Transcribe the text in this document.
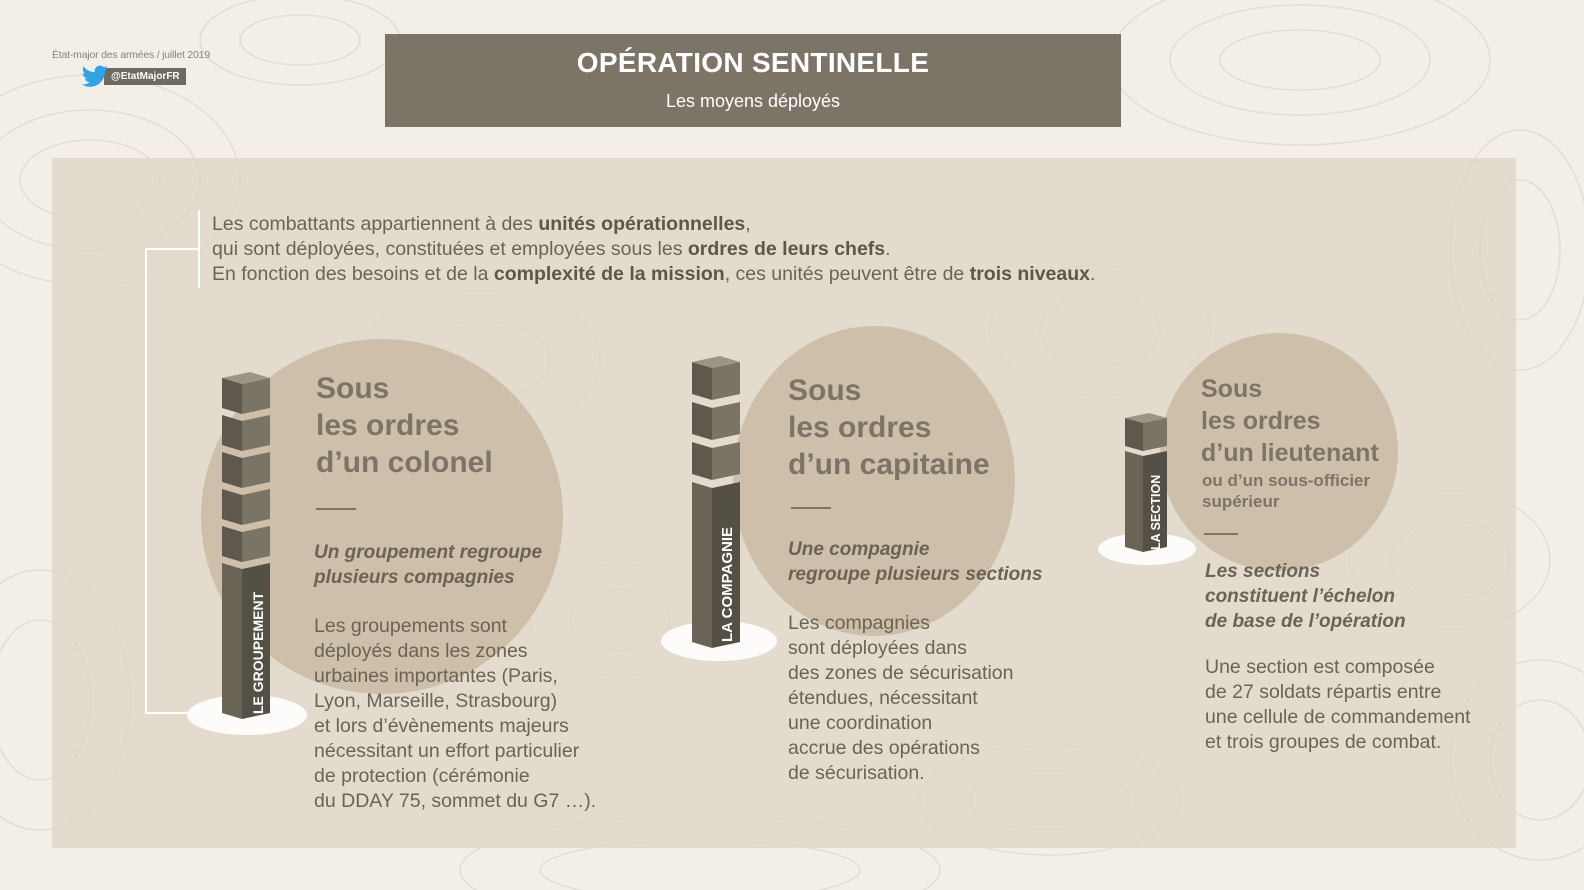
État-major des armées / juillet 2019
@EtatMajorFR	OPÉRATION SENTINELLE
Les moyens déployés
Les combattants appartiennent à des unités opérationnelles,
qui sont déployées, constituées et employées sous les ordres de leurs chefs.
En fonction des besoins et de la complexité de la mission, ces unités peuvent être de trois niveaux.
LE GROUPEMENT
Sous
les ordres
d’un colonel
Un groupement regroupe
plusieurs compagnies
Les groupements sont
déployés dans les zones
urbaines importantes (Paris,
Lyon, Marseille, Strasbourg)
et lors d’évènements majeurs
nécessitant un effort particulier
de protection (cérémonie
du DDAY 75, sommet du G7 …).
LA COMPAGNIE
Sous
les ordres
d’un capitaine
Une compagnie
regroupe plusieurs sections
Les compagnies
sont déployées dans
des zones de sécurisation
étendues, nécessitant
une coordination
accrue des opérations
de sécurisation.
LA SECTION
Sous
les ordres
d’un lieutenant
ou d’un sous-officier
supérieur
Les sections
constituent l’échelon
de base de l’opération
Une section est composée
de 27 soldats répartis entre
une cellule de commandement
et trois groupes de combat.
